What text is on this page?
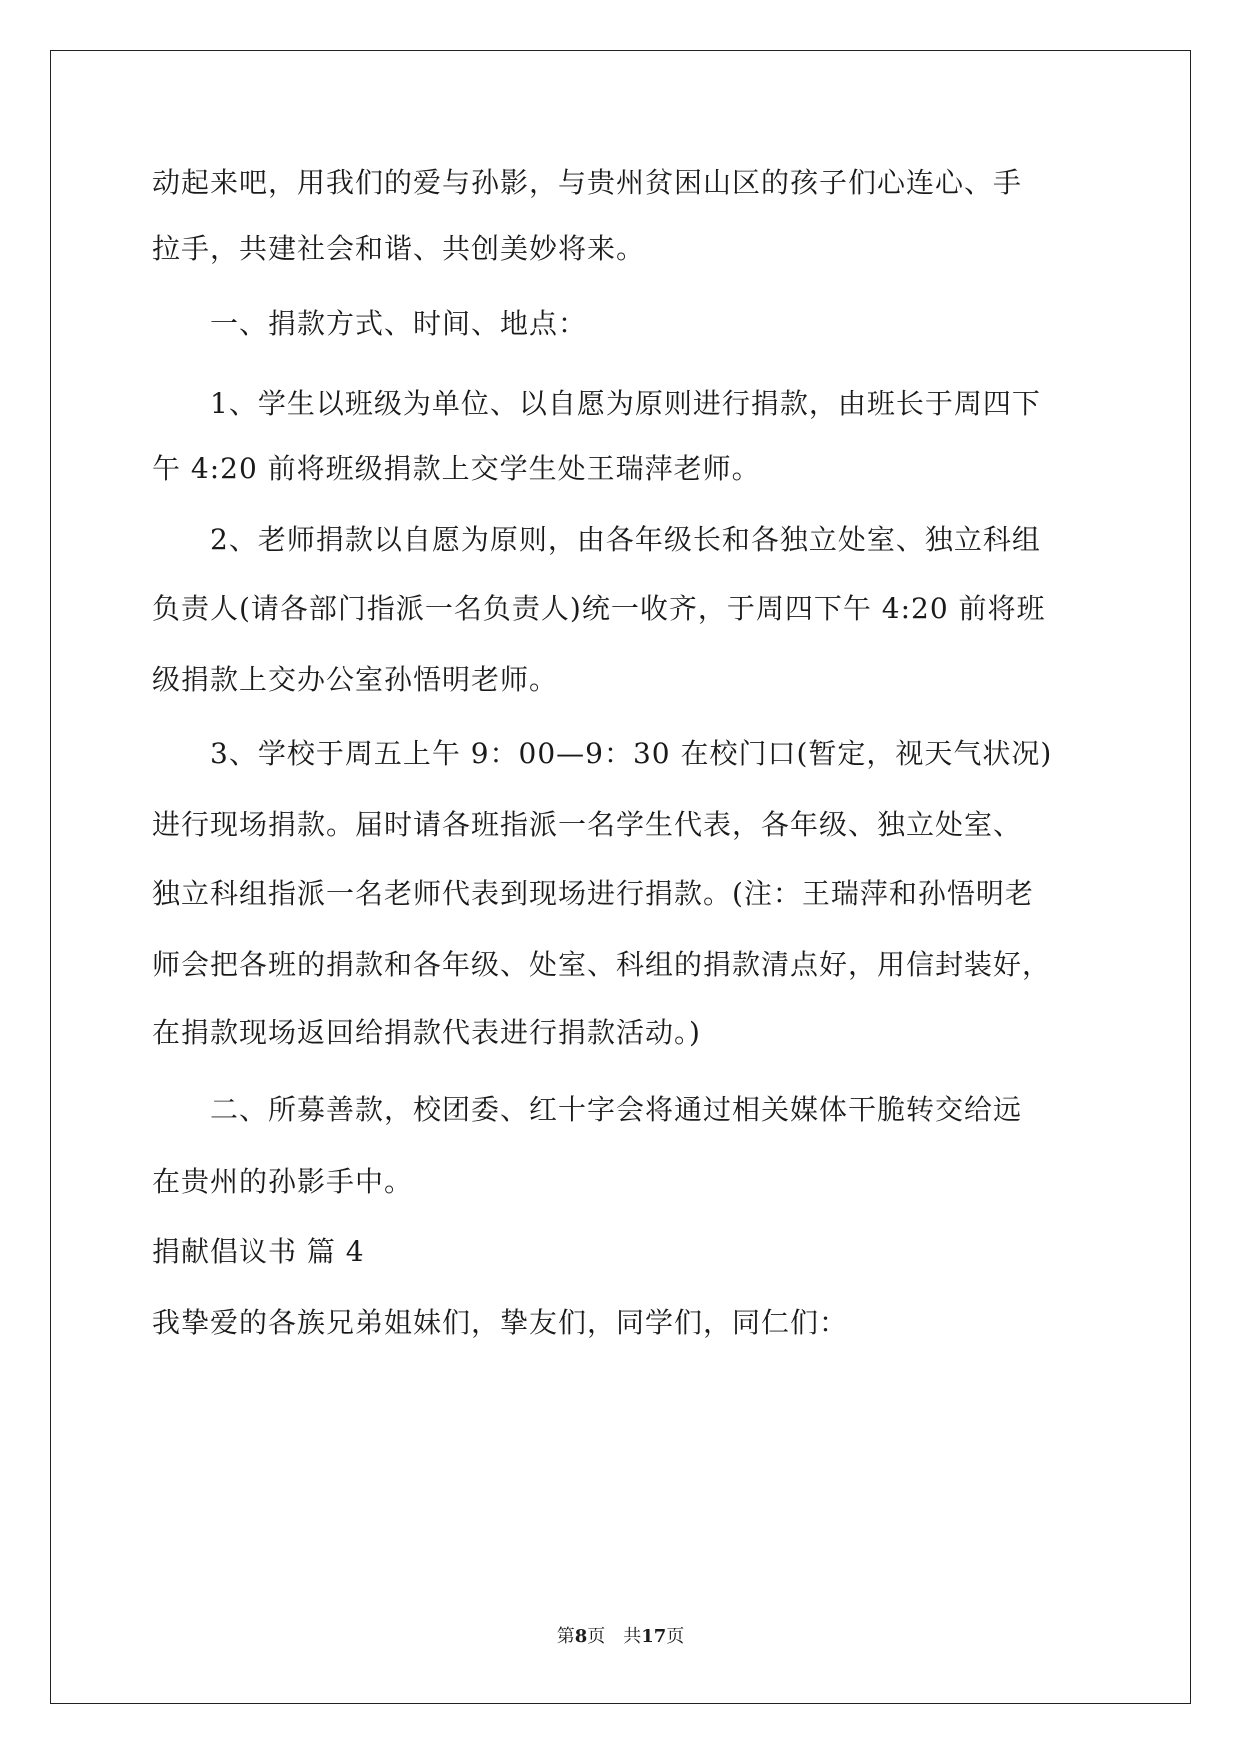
动起来吧，用我们的爱与孙影，与贵州贫困山区的孩子们心连心、手
拉手，共建社会和谐、共创美妙将来。
　　一、捐款方式、时间、地点：
　　1、学生以班级为单位、以自愿为原则进行捐款，由班长于周四下
午 4:20 前将班级捐款上交学生处王瑞萍老师。
　　2、老师捐款以自愿为原则，由各年级长和各独立处室、独立科组
负责人(请各部门指派一名负责人)统一收齐，于周四下午 4:20 前将班
级捐款上交办公室孙悟明老师。
　　3、学校于周五上午 9：00—9：30 在校门口(暂定，视天气状况)
进行现场捐款。届时请各班指派一名学生代表，各年级、独立处室、
独立科组指派一名老师代表到现场进行捐款。(注：王瑞萍和孙悟明老
师会把各班的捐款和各年级、处室、科组的捐款清点好，用信封装好，
在捐款现场返回给捐款代表进行捐款活动。)
　　二、所募善款，校团委、红十字会将通过相关媒体干脆转交给远
在贵州的孙影手中。
捐献倡议书 篇 4
我挚爱的各族兄弟姐妹们，挚友们，同学们，同仁们：
第8页　 共17页
